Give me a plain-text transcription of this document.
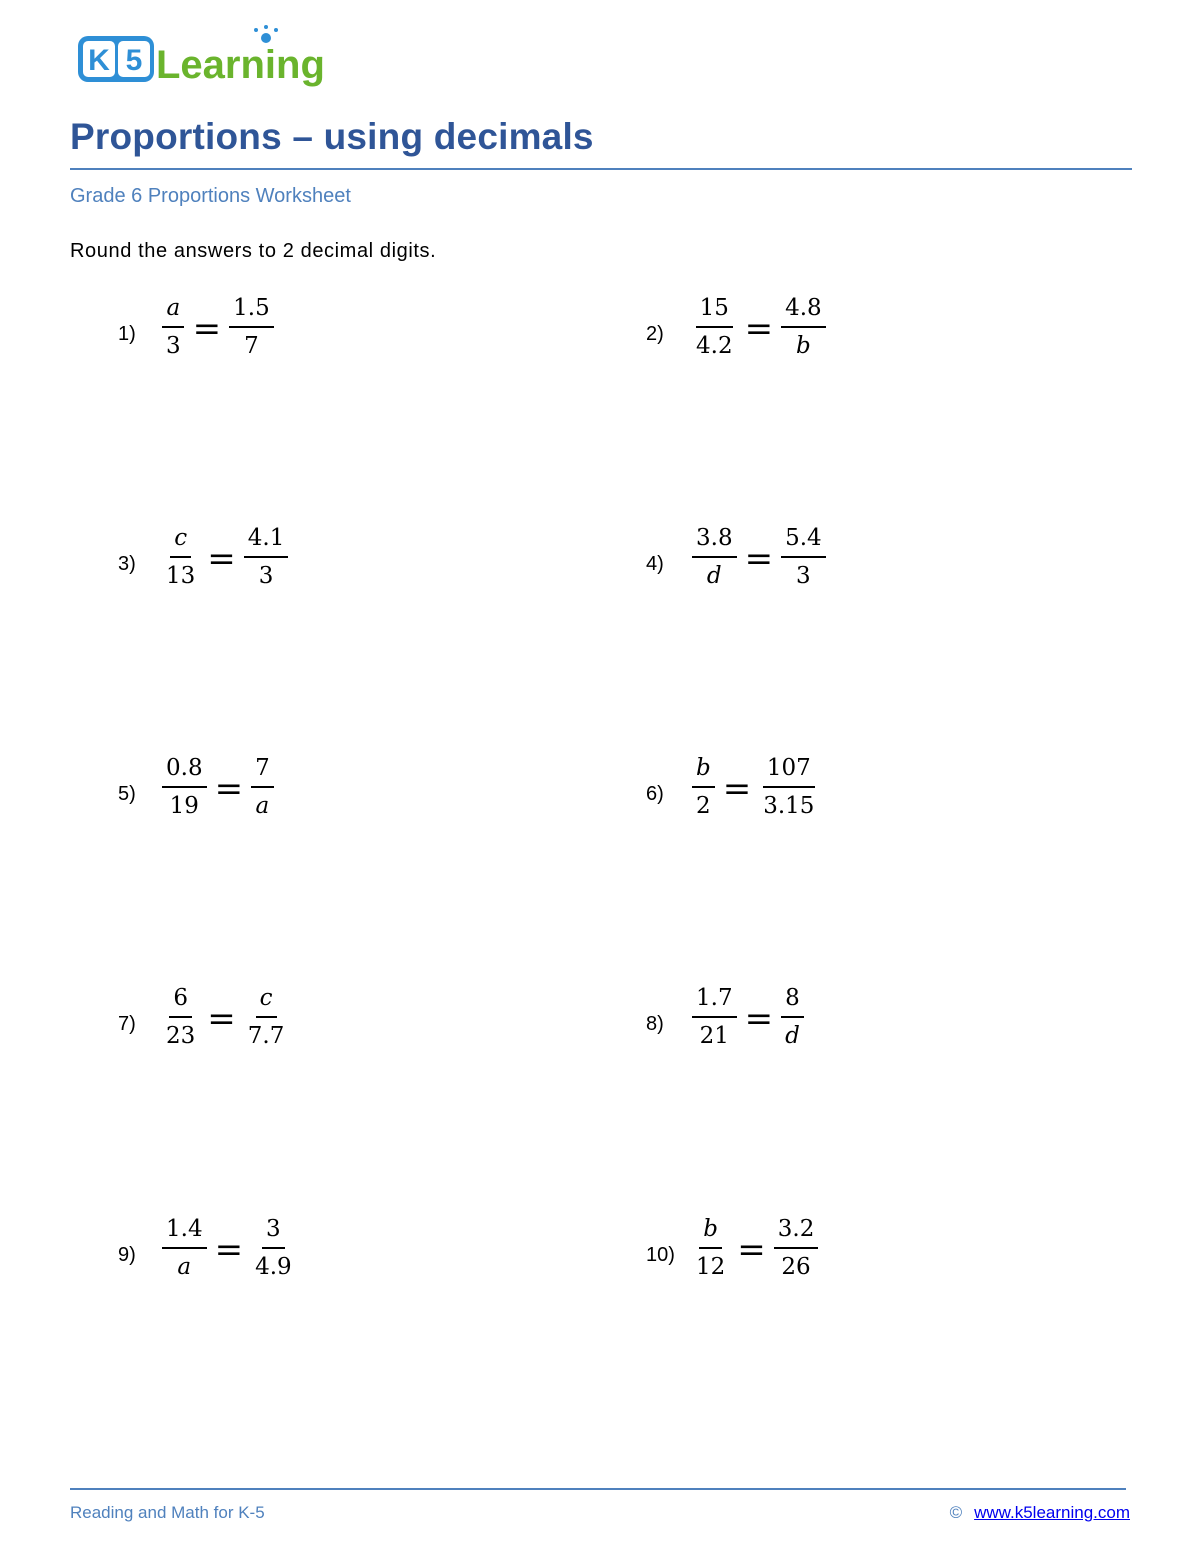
K 5 Learning
Proportions – using decimals
Grade 6 Proportions Worksheet
Round the answers to 2 decimal digits.
$1) \frac{a}{3} = \frac{1.5}{7}$	$2) \frac{15}{4.2} = \frac{4.8}{b}$
$3) \frac{c}{13} = \frac{4.1}{3}$	$4) \frac{3.8}{d} = \frac{5.4}{3}$
$5) \frac{0.8}{19} = \frac{7}{a}$	$6) \frac{b}{2} = \frac{107}{3.15}$
$7) \frac{6}{23} = \frac{c}{7.7}$	$8) \frac{1.7}{21} = \frac{8}{d}$
$9) \frac{1.4}{a} = \frac{3}{4.9}$	$10) \frac{b}{12} = \frac{3.2}{26}$
Reading and Math for K-5	© www.k5learning.com
